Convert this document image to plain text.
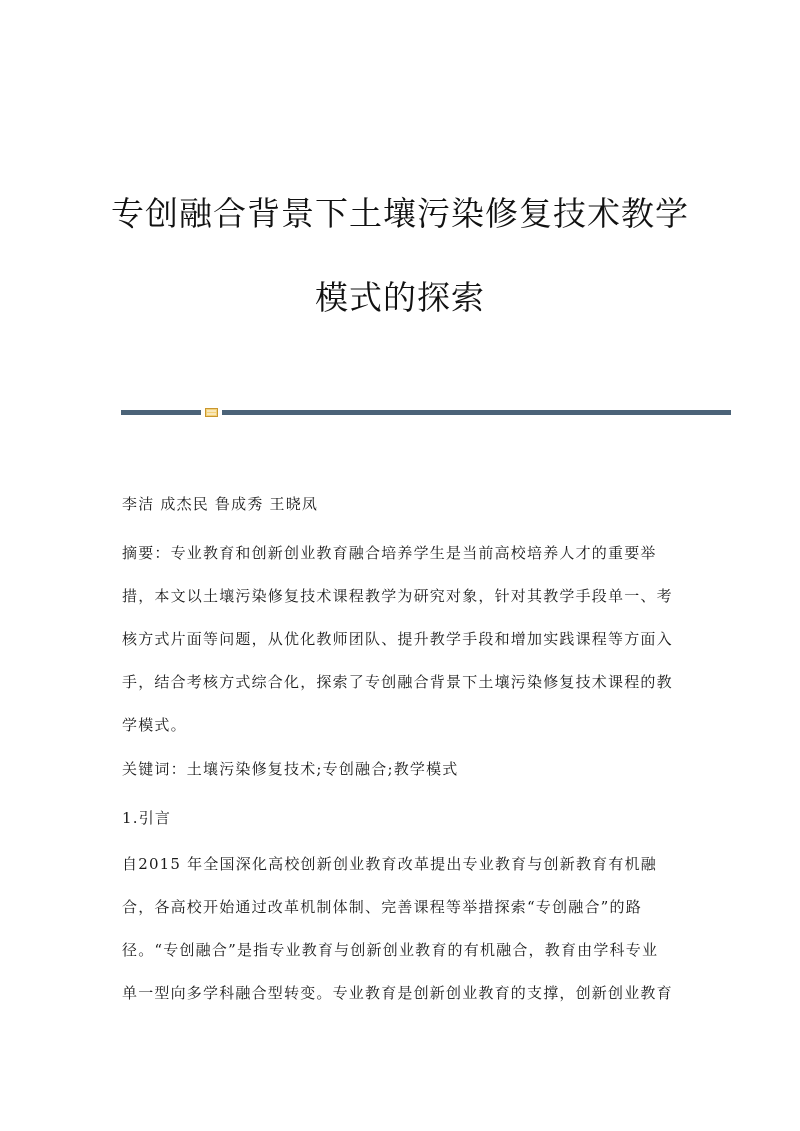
专创融合背景下土壤污染修复技术教学
模式的探索
李洁 成杰民 鲁成秀 王晓凤
摘要：专业教育和创新创业教育融合培养学生是当前高校培养人才的重要举
措，本文以土壤污染修复技术课程教学为研究对象，针对其教学手段单一、考
核方式片面等问题，从优化教师团队、提升教学手段和增加实践课程等方面入
手，结合考核方式综合化，探索了专创融合背景下土壤污染修复技术课程的教
学模式。
关键词：土壤污染修复技术;专创融合;教学模式
1.引言
自2015 年全国深化高校创新创业教育改革提出专业教育与创新教育有机融
合，各高校开始通过改革机制体制、完善课程等举措探索“专创融合”的路
径。“专创融合”是指专业教育与创新创业教育的有机融合，教育由学科专业
单一型向多学科融合型转变。专业教育是创新创业教育的支撑，创新创业教育
